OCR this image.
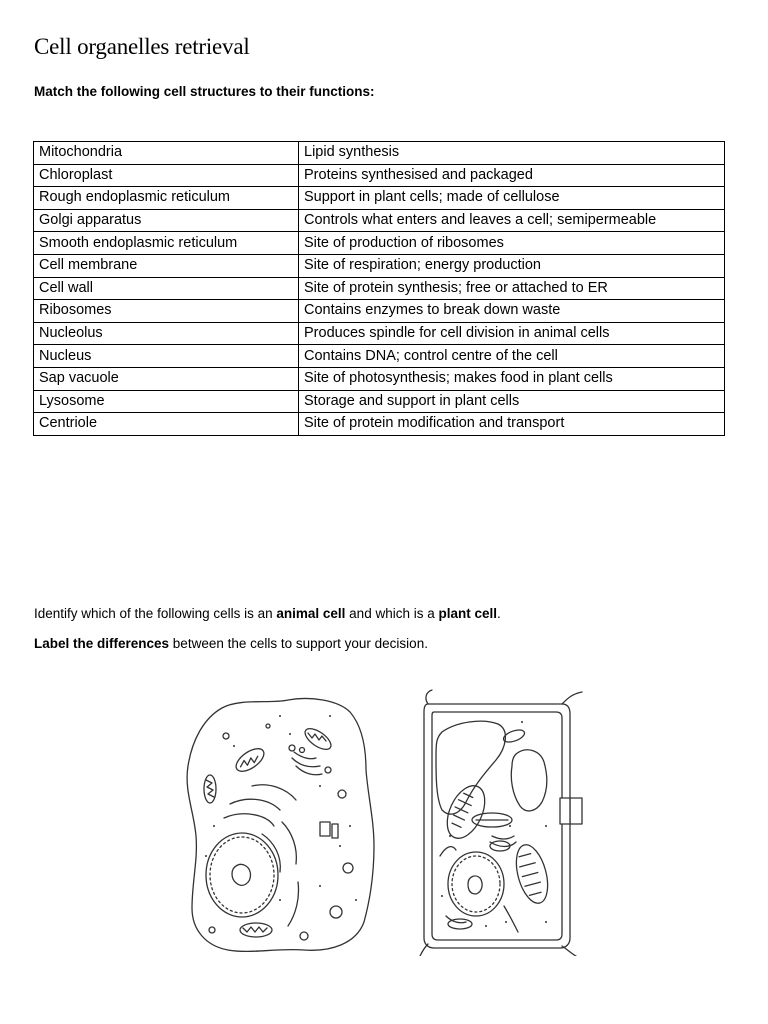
Cell organelles retrieval
Match the following cell structures to their functions:
Mitochondria	Lipid synthesis
Chloroplast	Proteins synthesised and packaged
Rough endoplasmic reticulum	Support in plant cells; made of cellulose
Golgi apparatus	Controls what enters and leaves a cell; semipermeable
Smooth endoplasmic reticulum	Site of production of ribosomes
Cell membrane	Site of respiration; energy production
Cell wall	Site of protein synthesis; free or attached to ER
Ribosomes	Contains enzymes to break down waste
Nucleolus	Produces spindle for cell division in animal cells
Nucleus	Contains DNA; control centre of the cell
Sap vacuole	Site of photosynthesis; makes food in plant cells
Lysosome	Storage and support in plant cells
Centriole	Site of protein modification and transport
Identify which of the following cells is an animal cell and which is a plant cell.
Label the differences between the cells to support your decision.
